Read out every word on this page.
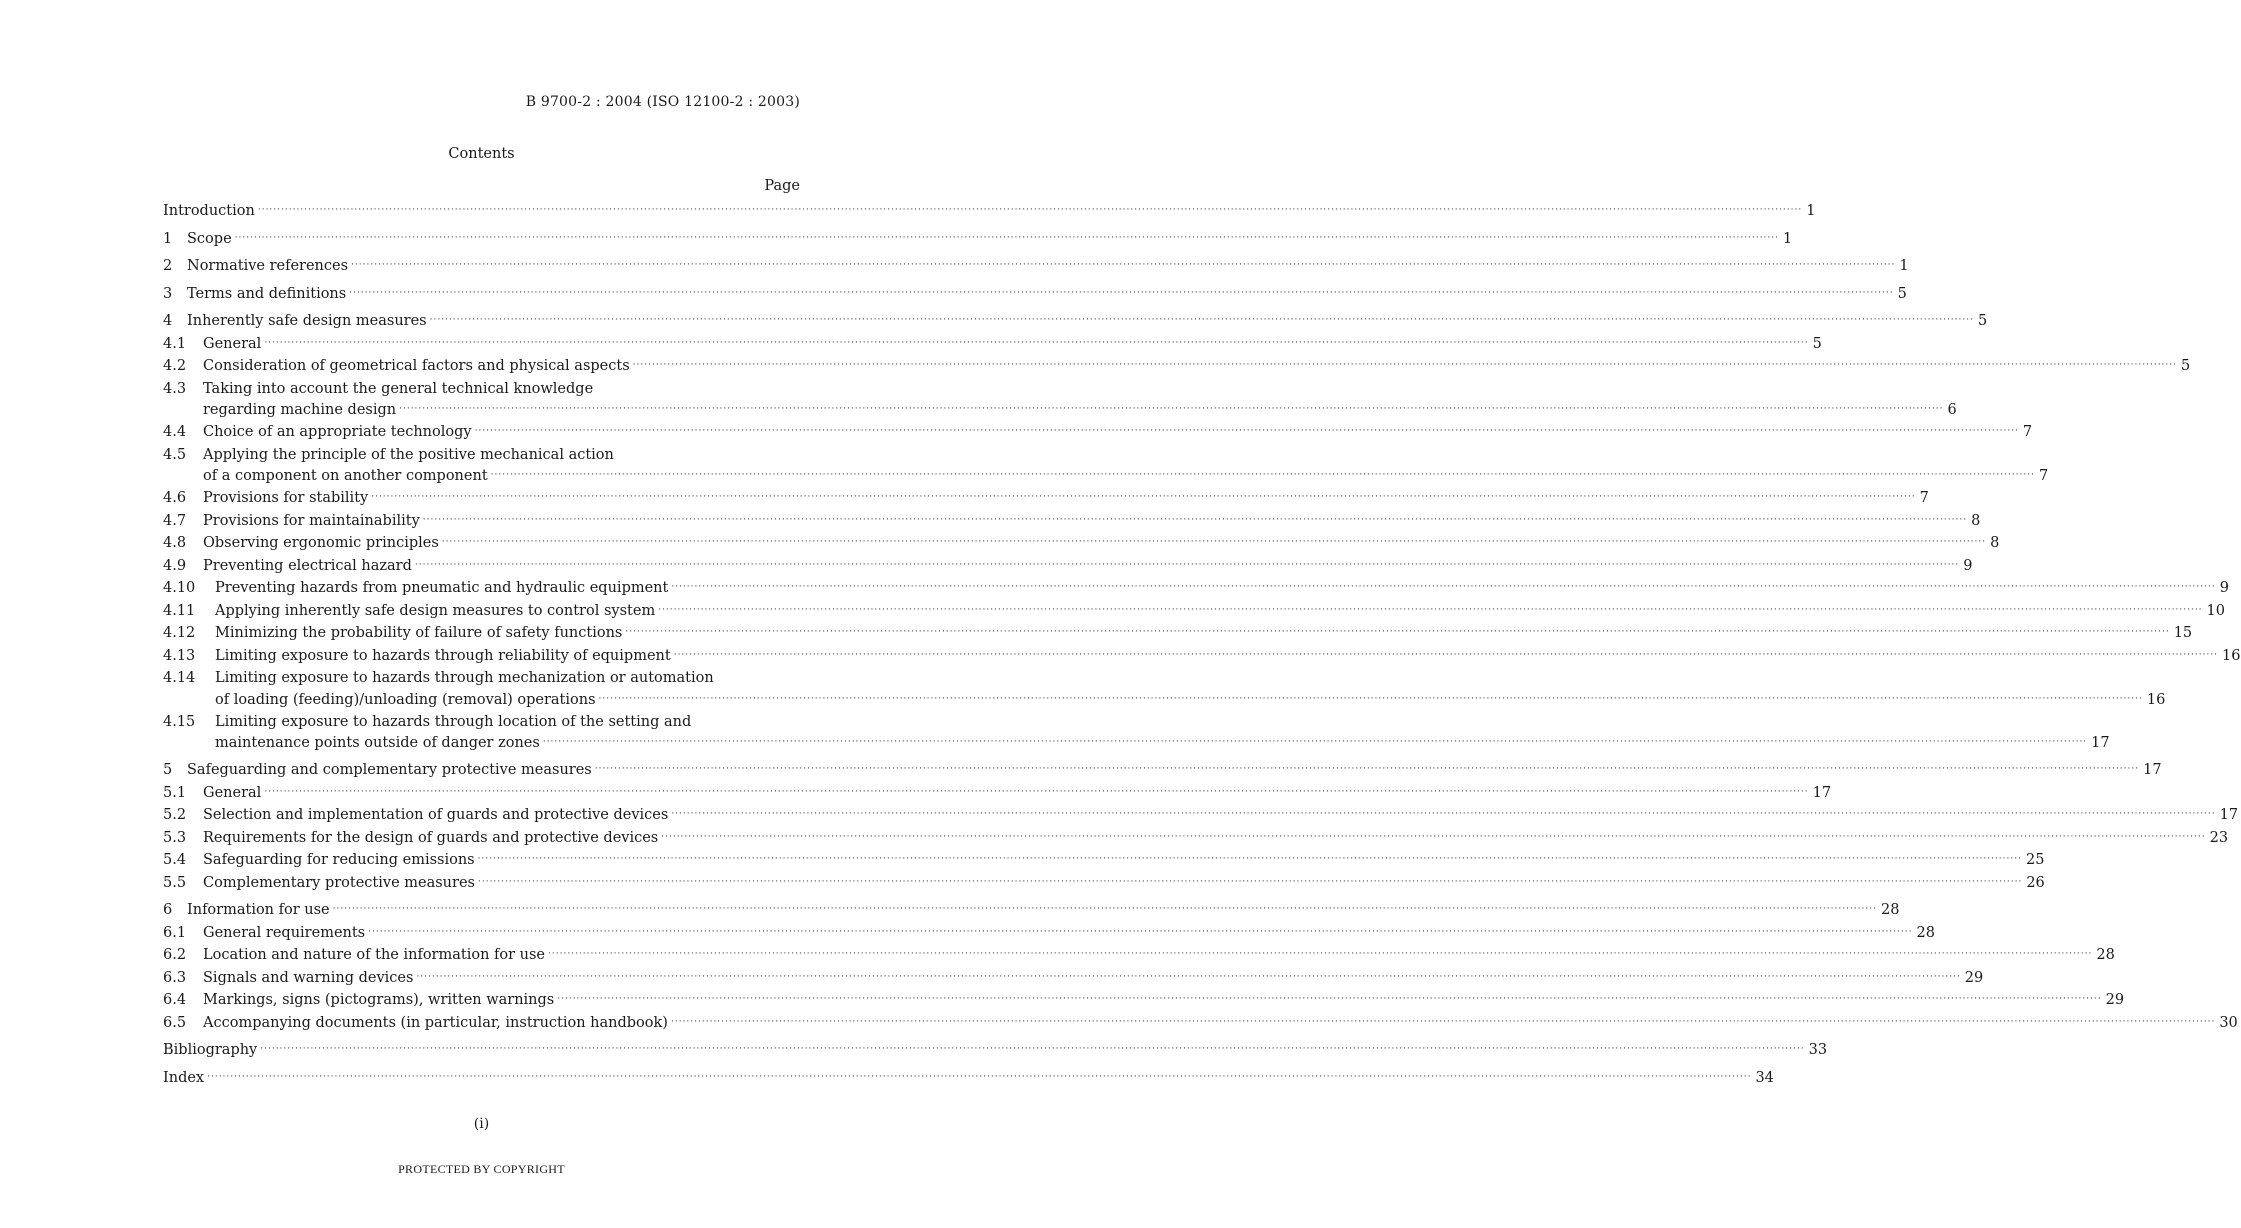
B 9700-2 : 2004 (ISO 12100-2 : 2003)
Contents
Page
Introduction ················································································································································································································································································································································································································ 1
1 Scope ················································································································································································································································································································································································································ 1
2 Normative references ················································································································································································································································································································································································································ 1
3 Terms and definitions ················································································································································································································································································································································································································ 5
4 Inherently safe design measures ················································································································································································································································································································································································································ 5
4.1 General ················································································································································································································································································································································································································ 5
4.2 Consideration of geometrical factors and physical aspects ················································································································································································································································································································································································································ 5
4.3 Taking into account the general technical knowledge
regarding machine design ················································································································································································································································································································································································································ 6
4.4 Choice of an appropriate technology ················································································································································································································································································································································································································ 7
4.5 Applying the principle of the positive mechanical action
of a component on another component ················································································································································································································································································································································································································ 7
4.6 Provisions for stability ················································································································································································································································································································································································································ 7
4.7 Provisions for maintainability ················································································································································································································································································································································································································ 8
4.8 Observing ergonomic principles ················································································································································································································································································································································································································ 8
4.9 Preventing electrical hazard ················································································································································································································································································································································································································ 9
4.10 Preventing hazards from pneumatic and hydraulic equipment ················································································································································································································································································································································································································ 9
4.11 Applying inherently safe design measures to control system ················································································································································································································································································································································································································ 10
4.12 Minimizing the probability of failure of safety functions ················································································································································································································································································································································································································ 15
4.13 Limiting exposure to hazards through reliability of equipment ················································································································································································································································································································································································································ 16
4.14 Limiting exposure to hazards through mechanization or automation
of loading (feeding)/unloading (removal) operations ················································································································································································································································································································································································································ 16
4.15 Limiting exposure to hazards through location of the setting and
maintenance points outside of danger zones ················································································································································································································································································································································································································ 17
5 Safeguarding and complementary protective measures ················································································································································································································································································································································································································ 17
5.1 General ················································································································································································································································································································································································································ 17
5.2 Selection and implementation of guards and protective devices ················································································································································································································································································································································································································ 17
5.3 Requirements for the design of guards and protective devices ················································································································································································································································································································································································································ 23
5.4 Safeguarding for reducing emissions ················································································································································································································································································································································································································ 25
5.5 Complementary protective measures ················································································································································································································································································································································································································ 26
6 Information for use ················································································································································································································································································································································································································ 28
6.1 General requirements ················································································································································································································································································································································································································ 28
6.2 Location and nature of the information for use ················································································································································································································································································································································································································ 28
6.3 Signals and warning devices ················································································································································································································································································································································································································ 29
6.4 Markings, signs (pictograms), written warnings ················································································································································································································································································································································································································ 29
6.5 Accompanying documents (in particular, instruction handbook) ················································································································································································································································································································································································································ 30
Bibliography ················································································································································································································································································································································································································ 33
Index ················································································································································································································································································································································································································ 34
(i)
PROTECTED BY COPYRIGHT
